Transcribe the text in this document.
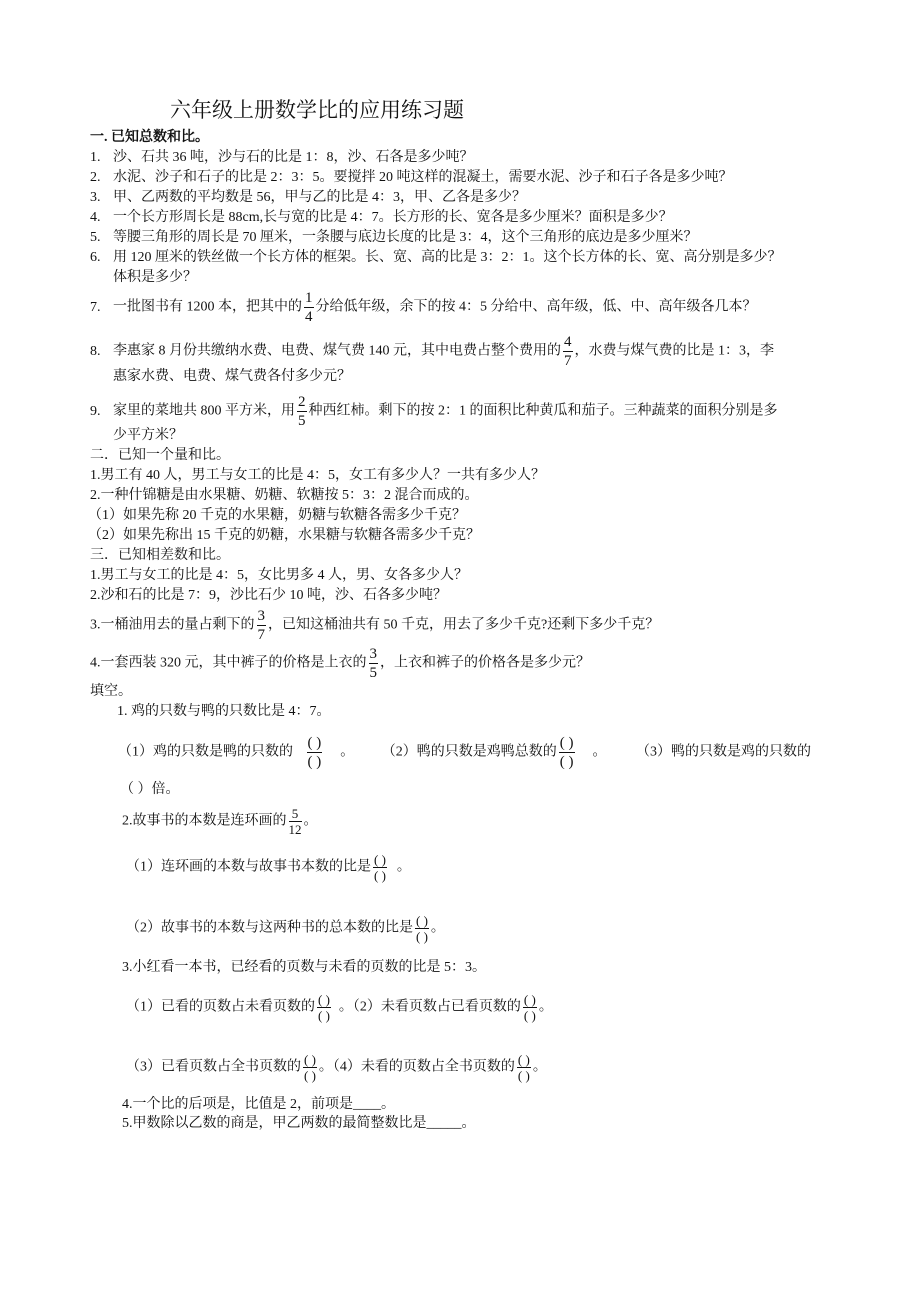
六年级上册数学比的应用练习题
一. 已知总数和比。
1. 沙、石共 36 吨，沙与石的比是 1：8，沙、石各是多少吨？
2. 水泥、沙子和石子的比是 2：3：5。要搅拌 20 吨这样的混凝土，需要水泥、沙子和石子各是多少吨？
3. 甲、乙两数的平均数是 56，甲与乙的比是 4：3，甲、乙各是多少？
4. 一个长方形周长是 88cm,长与宽的比是 4：7。长方形的长、宽各是多少厘米？面积是多少？
5. 等腰三角形的周长是 70 厘米，一条腰与底边长度的比是 3：4，这个三角形的底边是多少厘米？
6. 用 120 厘米的铁丝做一个长方体的框架。长、宽、高的比是 3：2：1。这个长方体的长、宽、高分别是多少？
体积是多少？
7. 一批图书有 1200 本，把其中的 $\frac{1}{4}$ 分给低年级，余下的按 4：5 分给中、高年级，低、中、高年级各几本？
8. 李惠家 8 月份共缴纳水费、电费、煤气费 140 元，其中电费占整个费用的 $\frac{4}{7}$ ，水费与煤气费的比是 1：3，李
惠家水费、电费、煤气费各付多少元？
9. 家里的菜地共 800 平方米，用 $\frac{2}{5}$ 种西红柿。剩下的按 2：1 的面积比种黄瓜和茄子。三种蔬菜的面积分别是多
少平方米？
二．已知一个量和比。
1.男工有 40 人，男工与女工的比是 4：5，女工有多少人？一共有多少人？
2.一种什锦糖是由水果糖、奶糖、软糖按 5：3：2 混合而成的。
（1）如果先称 20 千克的水果糖，奶糖与软糖各需多少千克？
（2）如果先称出 15 千克的奶糖，水果糖与软糖各需多少千克？
三．已知相差数和比。
1.男工与女工的比是 4：5，女比男多 4 人，男、女各多少人？
2.沙和石的比是 7：9，沙比石少 10 吨，沙、石各多少吨？
3.一桶油用去的量占剩下的 $\frac{3}{7}$ ，已知这桶油共有 50 千克，用去了多少千克?还剩下多少千克？
4.一套西装 320 元，其中裤子的价格是上衣的 $\frac{3}{5}$ ，上衣和裤子的价格各是多少元？
填空。
1. 鸡的只数与鸭的只数比是 4：7。
（1）鸡的只数是鸭的只数的 $\frac{( )}{( )}$ 。 （2）鸭的只数是鸡鸭总数的 $\frac{( )}{( )}$ 。 （3）鸭的只数是鸡的只数的
（ ）倍。
2.故事书的本数是连环画的 $\frac{5}{12}$ 。
（1）连环画的本数与故事书本数的比是 $\frac{( )}{( )}$ 。
（2）故事书的本数与这两种书的总本数的比是 $\frac{( )}{( )}$ 。
3.小红看一本书，已经看的页数与未看的页数的比是 5：3。
（1）已看的页数占未看页数的 $\frac{( )}{( )}$ 。（2）未看页数占已看页数的 $\frac{( )}{( )}$ 。
（3）已看页数占全书页数的 $\frac{( )}{( )}$ 。（4）未看的页数占全书页数的 $\frac{( )}{( )}$ 。
4.一个比的后项是，比值是 2，前项是____。
5.甲数除以乙数的商是，甲乙两数的最简整数比是_____。
